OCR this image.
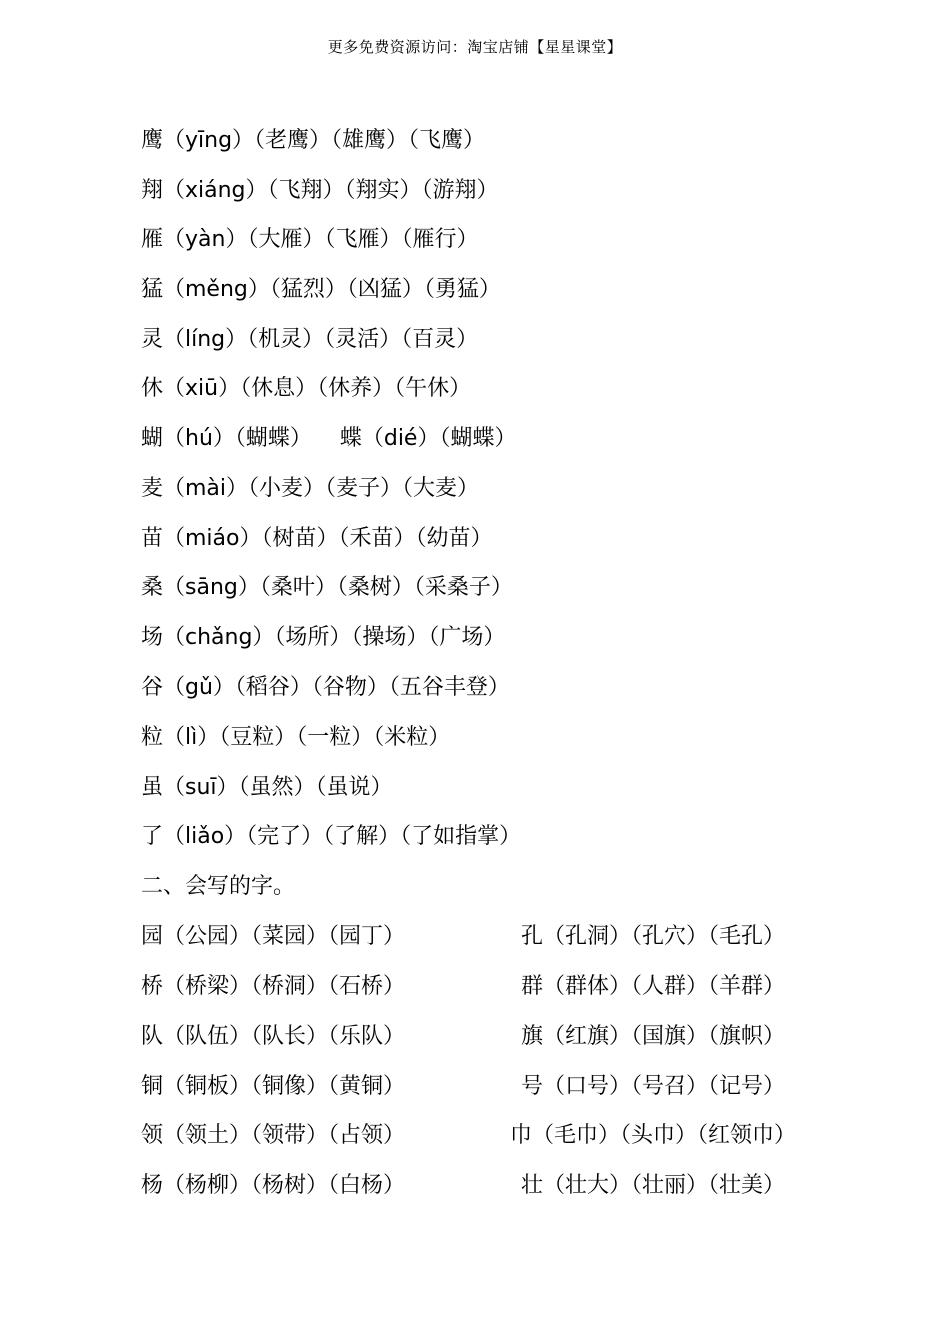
更多免费资源访问：淘宝店铺【星星课堂】
鹰（yīng）（老鹰）（雄鹰）（飞鹰）
翔（xiáng）（飞翔）（翔实）（游翔）
雁（yàn）（大雁）（飞雁）（雁行）
猛（měng）（猛烈）（凶猛）（勇猛）
灵（líng）（机灵）（灵活）（百灵）
休（xiū）（休息）（休养）（午休）
蝴（hú）（蝴蝶）    蝶（dié）（蝴蝶）
麦（mài）（小麦）（麦子）（大麦）
苗（miáo）（树苗）（禾苗）（幼苗）
桑（sāng）（桑叶）（桑树）（采桑子）
场（chǎng）（场所）（操场）（广场）
谷（gǔ）（稻谷）（谷物）（五谷丰登）
粒（lì）（豆粒）（一粒）（米粒）
虽（suī）（虽然）（虽说）
了（liǎo）（完了）（了解）（了如指掌）
二、会写的字。
园（公园）（菜园）（园丁）	孔（孔洞）（孔穴）（毛孔）
桥（桥梁）（桥洞）（石桥）	群（群体）（人群）（羊群）
队（队伍）（队长）（乐队）	旗（红旗）（国旗）（旗帜）
铜（铜板）（铜像）（黄铜）	号（口号）（号召）（记号）
领（领土）（领带）（占领）	巾（毛巾）（头巾）（红领巾）
杨（杨柳）（杨树）（白杨）	壮（壮大）（壮丽）（壮美）
